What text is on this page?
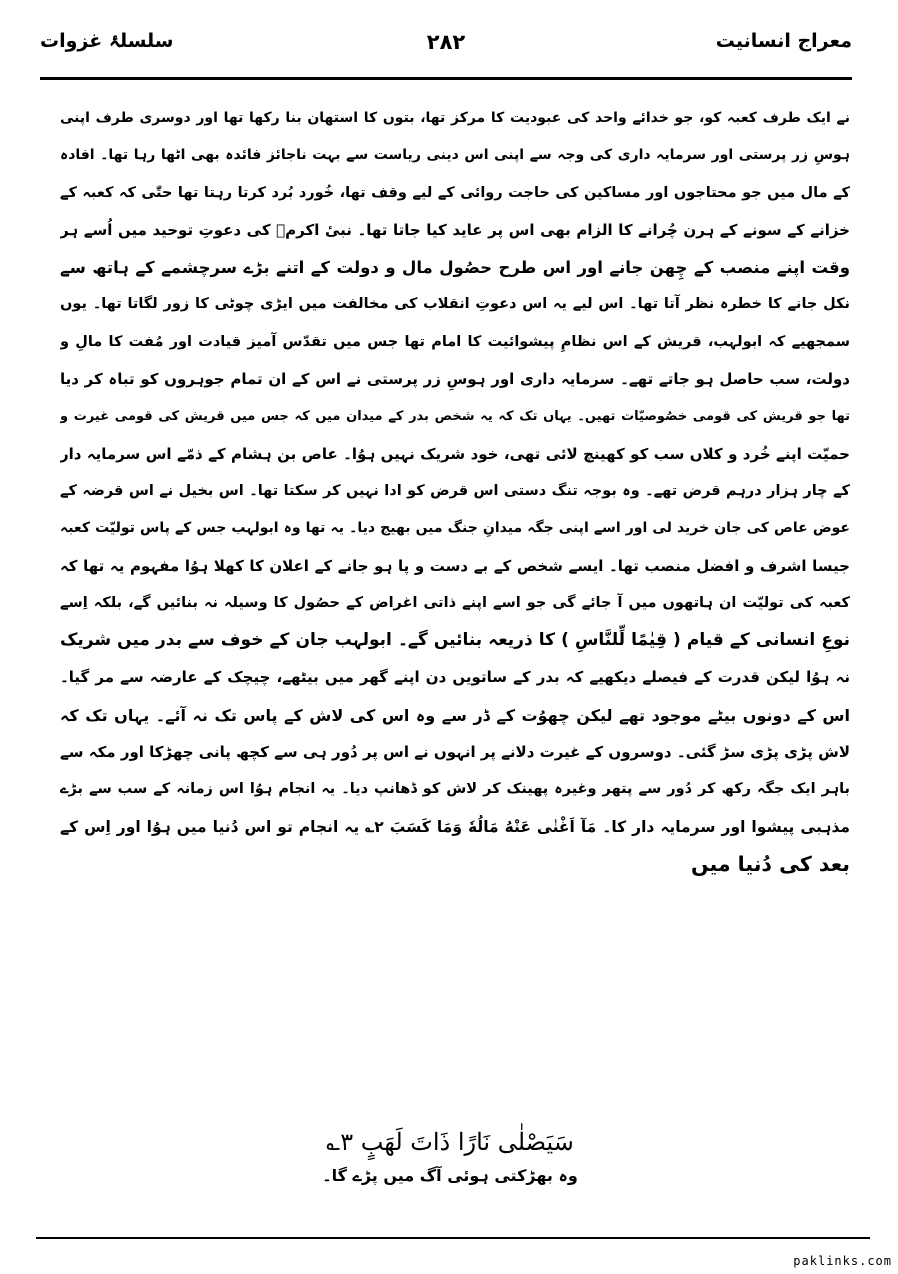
معراج انسانیت
۲۸۲
سلسلۂ غزوات
نے ایک طرف کعبہ کو، جو خدائے واحد کی عبودیت کا مرکز تھا، بتوں کا استھان بنا رکھا تھا اور دوسری طرف اپنی
ہوسِ زر پرستی اور سرمایہ داری کی وجہ سے اپنی اس دینی ریاست سے بہت ناجائز فائدہ بھی اٹھا رہا تھا۔ افادہ
کے مال میں جو محتاجوں اور مساکین کی حاجت روائی کے لیے وقف تھا، خُورد بُرد کرتا رہتا تھا حتّٰی کہ کعبہ کے
خزانے کے سونے کے ہرن چُرانے کا الزام بھی اس پر عاید کیا جاتا تھا۔ نبیٔ اکرمؐ کی دعوتِ توحید میں اُسے ہر
وقت اپنے منصب کے چِھن جانے اور اس طرح حصُول مال و دولت کے اتنے بڑے سرچشمے کے ہاتھ سے
نکل جانے کا خطرہ نظر آتا تھا۔ اس لیے یہ اس دعوتِ انقلاب کی مخالفت میں ایڑی چوٹی کا زور لگاتا تھا۔ یوں
سمجھیے کہ ابولہب، قریش کے اس نظامِ پیشوائیت کا امام تھا جس میں تقدّس آمیز قیادت اور مُفت کا مالِ و
دولت، سب حاصل ہو جاتے تھے۔ سرمایہ داری اور ہوسِ زر پرستی نے اس کے ان تمام جوہروں کو تباہ کر دیا
تھا جو قریش کی قومی خصُوصیّات تھیں۔ یہاں تک کہ یہ شخص بدر کے میدان میں کہ جس میں قریش کی قومی غیرت و
حمیّت اپنے خُرد و کلاں سب کو کھینچ لائی تھی، خود شریک نہیں ہوُا۔ عاص بن ہشام کے ذمّے اس سرمایہ دار
کے چار ہزار درہم قرض تھے۔ وہ بوجہ تنگ دستی اس قرض کو ادا نہیں کر سکتا تھا۔ اس بخیل نے اس قرضہ کے
عوض عاص کی جان خرید لی اور اسے اپنی جگہ میدانِ جنگ میں بھیج دیا۔ یہ تھا وہ ابولہب جس کے پاس تولیّت کعبہ
جیسا اشرف و افضل منصب تھا۔ ایسے شخص کے بے دست و پا ہو جانے کے اعلان کا کھلا ہوُا مفہوم یہ تھا کہ
کعبہ کی تولیّت ان ہاتھوں میں آ جائے گی جو اسے اپنے ذاتی اغراض کے حصُول کا وسیلہ نہ بنائیں گے، بلکہ اِسے
نوعِ انسانی کے قیام ( قِيٰمًا لِّلنَّاسِ ) کا ذریعہ بنائیں گے۔ ابولہب جان کے خوف سے بدر میں شریک
نہ ہوُا لیکن قدرت کے فیصلے دیکھیے کہ بدر کے ساتویں دن اپنے گھر میں بیٹھے، چیچک کے عارضہ سے مر گیا۔
اس کے دونوں بیٹے موجود تھے لیکن چھوُت کے ڈر سے وہ اس کی لاش کے پاس تک نہ آئے۔ یہاں تک کہ
لاش پڑی پڑی سڑ گئی۔ دوسروں کے غیرت دلانے پر انہوں نے اس پر دُور ہی سے کچھ پانی چھڑکا اور مکہ سے
باہر ایک جگہ رکھ کر دُور سے پتھر وغیرہ پھینک کر لاش کو ڈھانپ دیا۔ یہ انجام ہوُا اس زمانہ کے سب سے بڑے
مذہبی پیشوا اور سرمایہ دار کا۔ مَآ اَغْنٰی عَنْهُ مَالُهٗ وَمَا كَسَبَ ۲؎ یہ انجام تو اس دُنیا میں ہوُا اور اِس کے
بعد کی دُنیا میں
سَيَصْلٰى نَارًا ذَاتَ لَهَبٍ ۳؎
وہ بھڑکتی ہوئی آگ میں پڑے گا۔
paklinks.com
